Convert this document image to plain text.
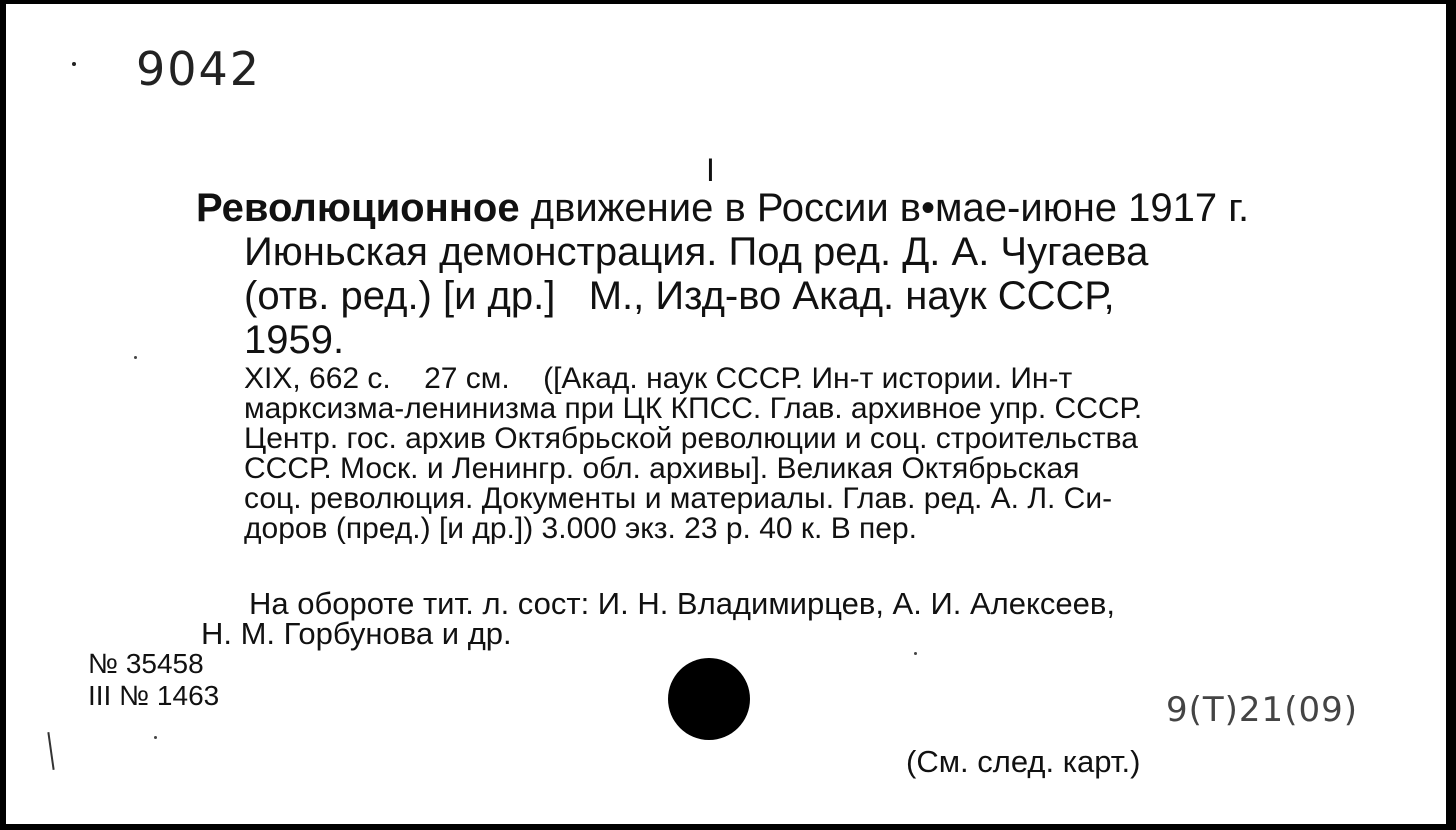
9042
I
Революционное движение в России в•мае-июне 1917 г.
Июньская демонстрация. Под ред. Д. А. Чугаева
(отв. ред.) [и др.]   М., Изд-во Акад. наук СССР,
1959.
XIX, 662 с.    27 см.    ([Акад. наук СССР. Ин-т истории. Ин-т
марксизма-ленинизма при ЦК КПСС. Глав. архивное упр. СССР.
Центр. гос. архив Октябрьской революции и соц. строительства
СССР. Моск. и Ленингр. обл. архивы]. Великая Октябрьская
соц. революция. Документы и материалы. Глав. ред. А. Л. Си-
доров (пред.) [и др.]) 3.000 экз. 23 р. 40 к. В пер.
На обороте тит. л. сост: И. Н. Владимирцев, А. И. Алексеев,
Н. М. Горбунова и др.
№ 35458
III № 1463	9(Т)21(09)
(См. след. карт.)
